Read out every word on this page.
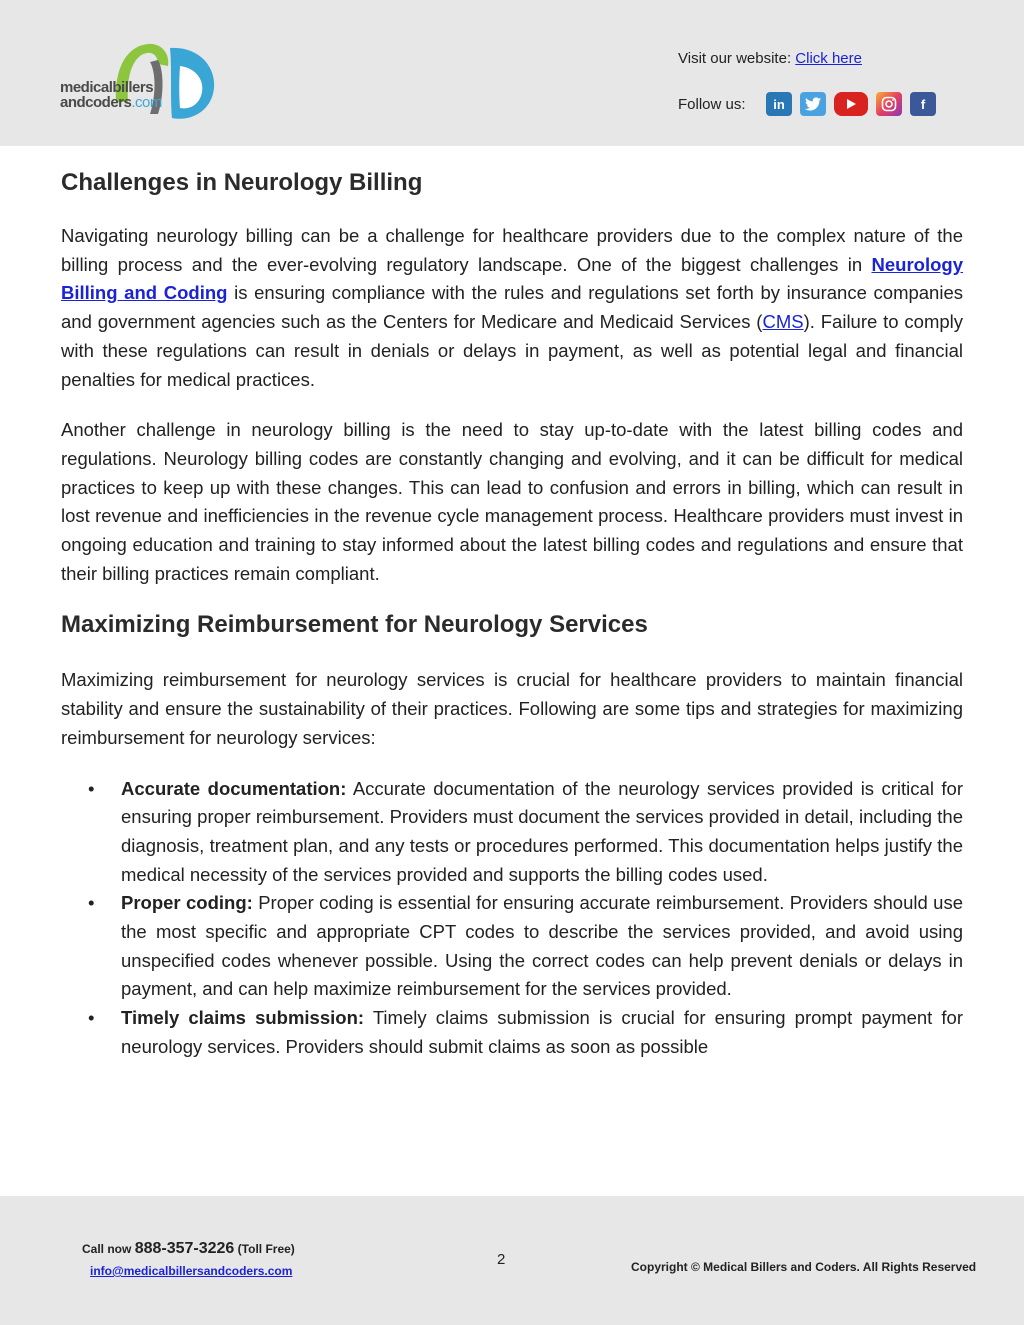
medicalbillers
andcoders.com
Visit our website: Click here
Follow us:	in	f
Challenges in Neurology Billing

Navigating neurology billing can be a challenge for healthcare providers due to the complex nature of the billing process and the ever-evolving regulatory landscape. One of the biggest challenges in Neurology Billing and Coding is ensuring compliance with the rules and regulations set forth by insurance companies and government agencies such as the Centers for Medicare and Medicaid Services (CMS). Failure to comply with these regulations can result in denials or delays in payment, as well as potential legal and financial penalties for medical practices.

Another challenge in neurology billing is the need to stay up-to-date with the latest billing codes and regulations. Neurology billing codes are constantly changing and evolving, and it can be difficult for medical practices to keep up with these changes. This can lead to confusion and errors in billing, which can result in lost revenue and inefficiencies in the revenue cycle management process. Healthcare providers must invest in ongoing education and training to stay informed about the latest billing codes and regulations and ensure that their billing practices remain compliant.

Maximizing Reimbursement for Neurology Services

Maximizing reimbursement for neurology services is crucial for healthcare providers to maintain financial stability and ensure the sustainability of their practices. Following are some tips and strategies for maximizing reimbursement for neurology services:

• Accurate documentation: Accurate documentation of the neurology services provided is critical for ensuring proper reimbursement. Providers must document the services provided in detail, including the diagnosis, treatment plan, and any tests or procedures performed. This documentation helps justify the medical necessity of the services provided and supports the billing codes used.
• Proper coding: Proper coding is essential for ensuring accurate reimbursement. Providers should use the most specific and appropriate CPT codes to describe the services provided, and avoid using unspecified codes whenever possible. Using the correct codes can help prevent denials or delays in payment, and can help maximize reimbursement for the services provided.
• Timely claims submission: Timely claims submission is crucial for ensuring prompt payment for neurology services. Providers should submit claims as soon as possible
Call now 888-357-3226 (Toll Free)
info@medicalbillersandcoders.com
2	Copyright © Medical Billers and Coders. All Rights Reserved
